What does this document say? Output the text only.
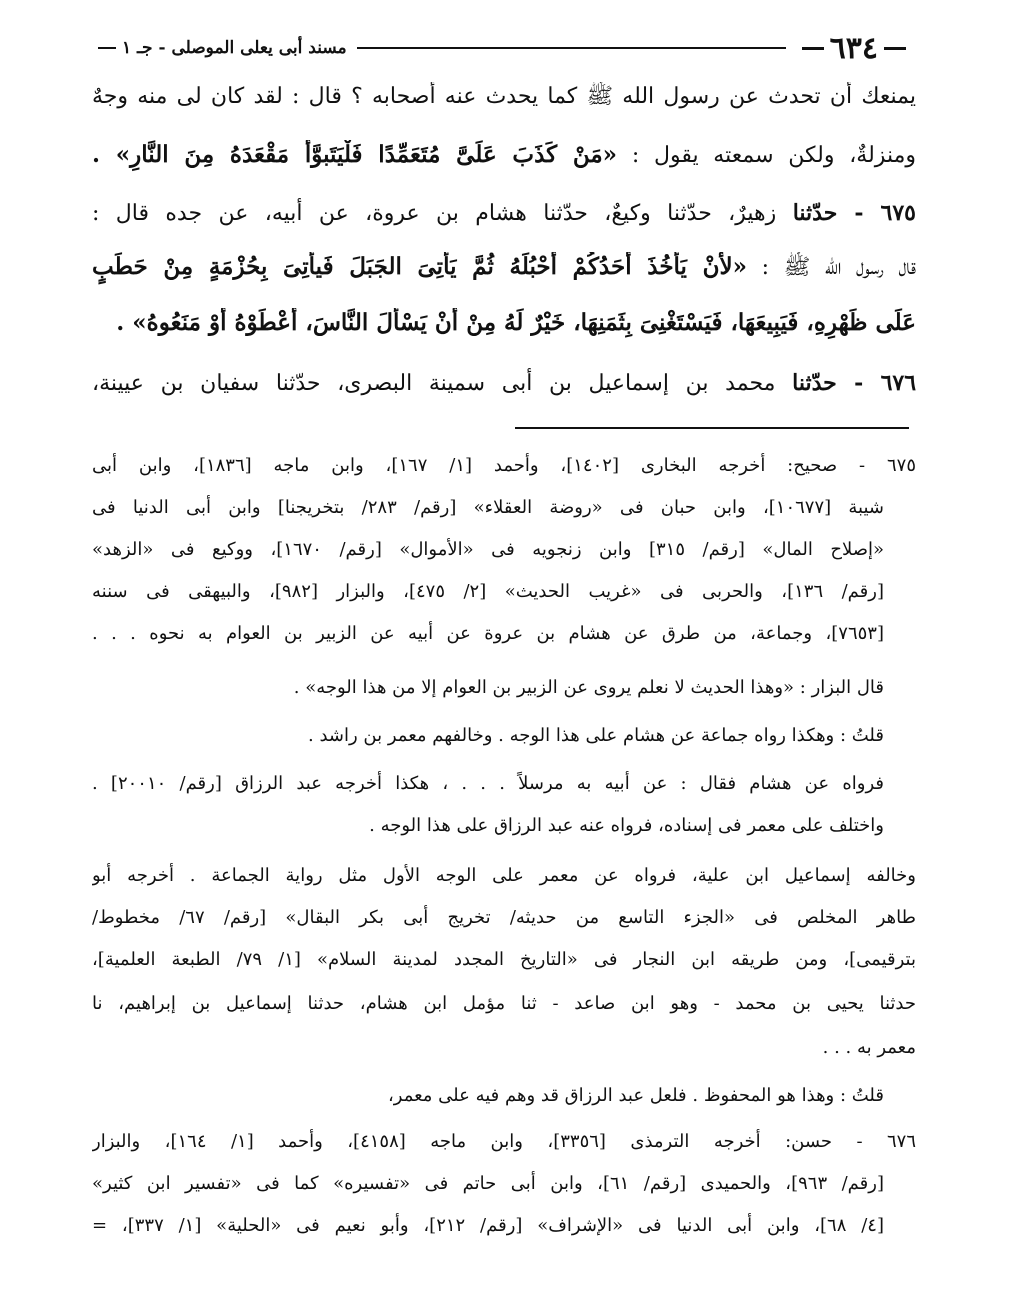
٦٣٤
مسند أبى يعلى الموصلى - جـ ١
يمنعك أن تحدث عن رسول الله ﷺ كما يحدث عنه أصحابه ؟ قال : لقد كان لى منه وجهٌ
ومنزلةٌ، ولكن سمعته يقول : «مَنْ كَذَبَ عَلَىَّ مُتَعَمِّدًا فَلْيَتَبوَّأْ مَقْعَدَهُ مِنَ النَّارِ» .
٦٧٥ - حدّثنا زهيرٌ، حدّثنا وكيعٌ، حدّثنا هشام بن عروة، عن أبيه، عن جده قال :
قال رسول الله ﷺ : «لأَنْ يَأْخُذَ أَحَدُكُمْ أَحْبُلَهُ ثُمَّ يَأْتِىَ الجَبَلَ فَيأْتِىَ بِحُزْمَةٍ مِنْ حَطَبٍ
عَلَى ظَهْرِهِ، فَيَبِيعَهَا، فَيَسْتَغْنِىَ بِثَمَنِهَا، خَيْرٌ لَهُ مِنْ أَنْ يَسْأَلَ النَّاسَ، أَعْطَوْهُ أَوْ مَنَعُوهُ» .
٦٧٦ - حدّثنا محمد بن إسماعيل بن أبى سمينة البصرى، حدّثنا سفيان بن عيينة،
٦٧٥ - صحيح: أخرجه البخارى [١٤٠٢]، وأحمد [١/ ١٦٧]، وابن ماجه [١٨٣٦]، وابن أبى
شيبة [١٠٦٧٧]، وابن حبان فى «روضة العقلاء» [رقم/ ٢٨٣/ بتخريجنا] وابن أبى الدنيا فى
«إصلاح المال» [رقم/ ٣١٥] وابن زنجويه فى «الأموال» [رقم/ ١٦٧٠]، ووكيع فى «الزهد»
[رقم/ ١٣٦]، والحربى فى «غريب الحديث» [٢/ ٤٧٥]، والبزار [٩٨٢]، والبيهقى فى سننه
[٧٦٥٣]، وجماعة، من طرق عن هشام بن عروة عن أبيه عن الزبير بن العوام به نحوه . . .
قال البزار : «وهذا الحديث لا نعلم يروى عن الزبير بن العوام إلا من هذا الوجه» .
قلتُ : وهكذا رواه جماعة عن هشام على هذا الوجه . وخالفهم معمر بن راشد .
فرواه عن هشام فقال : عن أبيه به مرسلاً . . . ، هكذا أخرجه عبد الرزاق [رقم/ ٢٠٠١٠] .
واختلف على معمر فى إسناده، فرواه عنه عبد الرزاق على هذا الوجه .
وخالفه إسماعيل ابن علية، فرواه عن معمر على الوجه الأول مثل رواية الجماعة . أخرجه أبو
طاهر المخلص فى «الجزء التاسع من حديثه/ تخريج أبى بكر البقال» [رقم/ ٦٧/ مخطوط/
بترقيمى]، ومن طريقه ابن النجار فى «التاريخ المجدد لمدينة السلام» [١/ ٧٩/ الطبعة العلمية]،
حدثنا يحيى بن محمد - وهو ابن صاعد - ثنا مؤمل ابن هشام، حدثنا إسماعيل بن إبراهيم، نا
معمر به . . .
قلتُ : وهذا هو المحفوظ . فلعل عبد الرزاق قد وهم فيه على معمر،
٦٧٦ - حسن: أخرجه الترمذى [٣٣٥٦]، وابن ماجه [٤١٥٨]، وأحمد [١/ ١٦٤]، والبزار
[رقم/ ٩٦٣]، والحميدى [رقم/ ٦١]، وابن أبى حاتم فى «تفسيره» كما فى «تفسير ابن كثير»
[٤/ ٦٨]، وابن أبى الدنيا فى «الإشراف» [رقم/ ٢١٢]، وأبو نعيم فى «الحلية» [١/ ٣٣٧]، =
